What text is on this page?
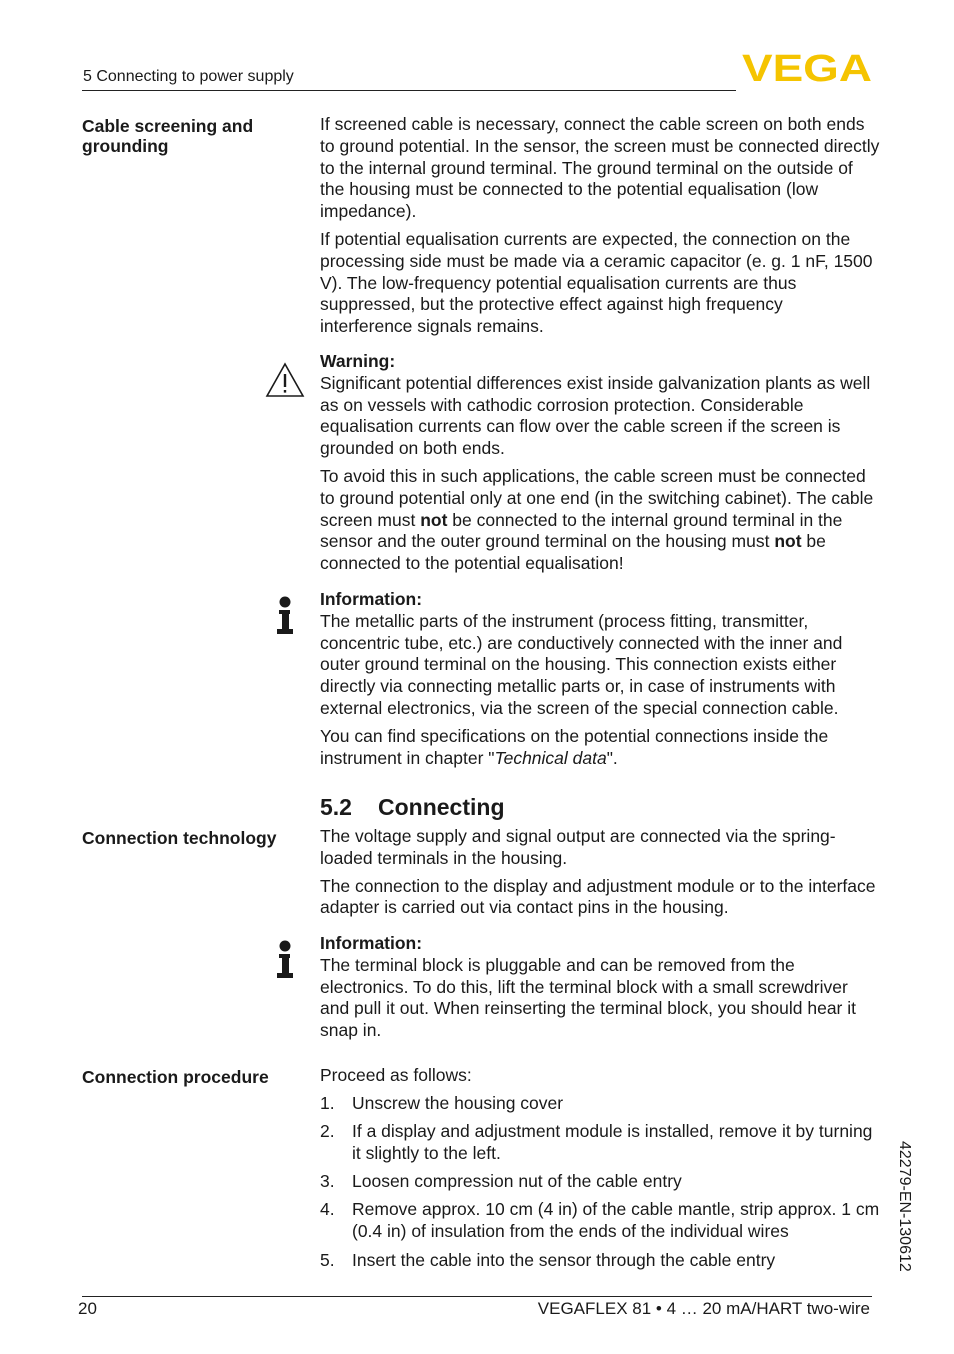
5 Connecting to power supply	VEGA
Cable screening and grounding

If screened cable is necessary, connect the cable screen on both ends to ground potential. In the sensor, the screen must be connected directly to the internal ground terminal. The ground terminal on the outside of the housing must be connected to the potential equalisation (low impedance).

If potential equalisation currents are expected, the connection on the processing side must be made via a ceramic capacitor (e. g. 1 nF, 1500 V). The low-frequency potential equalisation currents are thus suppressed, but the protective effect against high frequency interference signals remains.

Warning:

Significant potential differences exist inside galvanization plants as well as on vessels with cathodic corrosion protection. Considerable equalisation currents can flow over the cable screen if the screen is grounded on both ends.

To avoid this in such applications, the cable screen must be connected to ground potential only at one end (in the switching cabinet). The cable screen must not be connected to the internal ground terminal in the sensor and the outer ground terminal on the housing must not be connected to the potential equalisation!

Information:

The metallic parts of the instrument (process fitting, transmitter, concentric tube, etc.) are conductively connected with the inner and outer ground terminal on the housing. This connection exists either directly via connecting metallic parts or, in case of instruments with external electronics, via the screen of the special connection cable.

You can find specifications on the potential connections inside the instrument in chapter "Technical data".

5.2 Connecting
Connection technology	The voltage supply and signal output are connected via the spring-loaded terminals in the housing.

The connection to the display and adjustment module or to the interface adapter is carried out via contact pins in the housing.

Information:

The terminal block is pluggable and can be removed from the electronics. To do this, lift the terminal block with a small screwdriver and pull it out. When reinserting the terminal block, you should hear it snap in.

Connection procedure	Proceed as follows:
1. Unscrew the housing cover
2. If a display and adjustment module is installed, remove it by turning it slightly to the left.
3. Loosen compression nut of the cable entry
4. Remove approx. 10 cm (4 in) of the cable mantle, strip approx. 1 cm (0.4 in) of insulation from the ends of the individual wires
5. Insert the cable into the sensor through the cable entry	42279-EN-130612
20	VEGAFLEX 81 • 4 … 20 mA/HART two-wire
